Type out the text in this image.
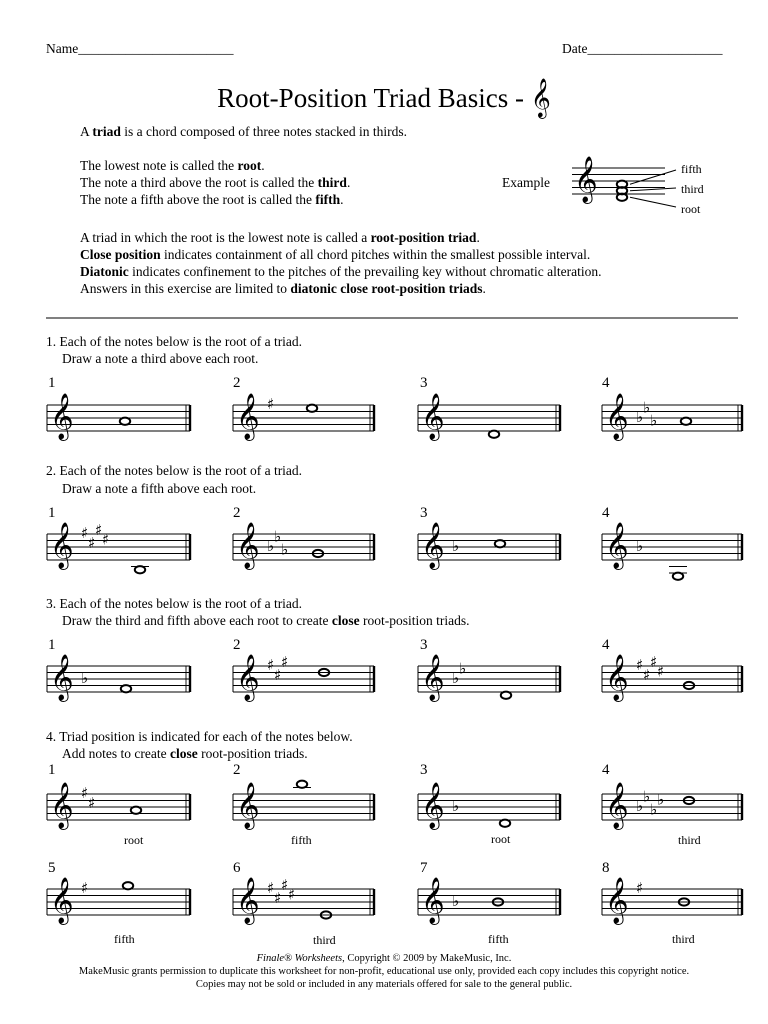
Name_______________________	Date____________________
Root-Position Triad Basics - 𝄞

A triad is a chord composed of three notes stacked in thirds.

The lowest note is called the root.

The note a third above the root is called the third.

The note a fifth above the root is called the fifth.

A triad in which the root is the lowest note is called a root-position triad.

Close position indicates containment of all chord pitches within the smallest possible interval.

Diatonic indicates confinement to the pitches of the prevailing key without chromatic alteration.

Answers in this exercise are limited to diatonic close root-position triads.

Example
fifth
third
root
1. Each of the notes below is the root of a triad.
Draw a note a third above each root.
2. Each of the notes below is the root of a triad.
Draw a note a fifth above each root.
3. Each of the notes below is the root of a triad.
Draw the third and fifth above each root to create close root-position triads.
4. Triad position is indicated for each of the notes below.
Add notes to create close root-position triads.
1	2	3	4
1	2	3	4
1	2	3	4
1	2	3	4
5	6	7	8
root	fifth	root	third
fifth	third	fifth	third
Finale® Worksheets, Copyright © 2009 by MakeMusic, Inc.
MakeMusic grants permission to duplicate this worksheet for non-profit, educational use only, provided each copy includes this copyright notice.
Copies may not be sold or included in any materials offered for sale to the general public.
𝄞
𝄞	𝄞 ♯	𝄞	𝄞 ♭
♭
♭
𝄞 ♯
♯
♯
♯	𝄞 ♭
♭
♭	𝄞 ♭	𝄞 ♭
𝄞 ♭	𝄞 ♯
♯
♯	𝄞 ♭
♭	𝄞 ♯
♯
♯
♯
𝄞 ♯
♯	𝄞	𝄞 ♭	𝄞 ♭
♭
♭
♭
𝄞 ♯	𝄞 ♯
♯
♯
♯	𝄞 ♭	𝄞 ♯
